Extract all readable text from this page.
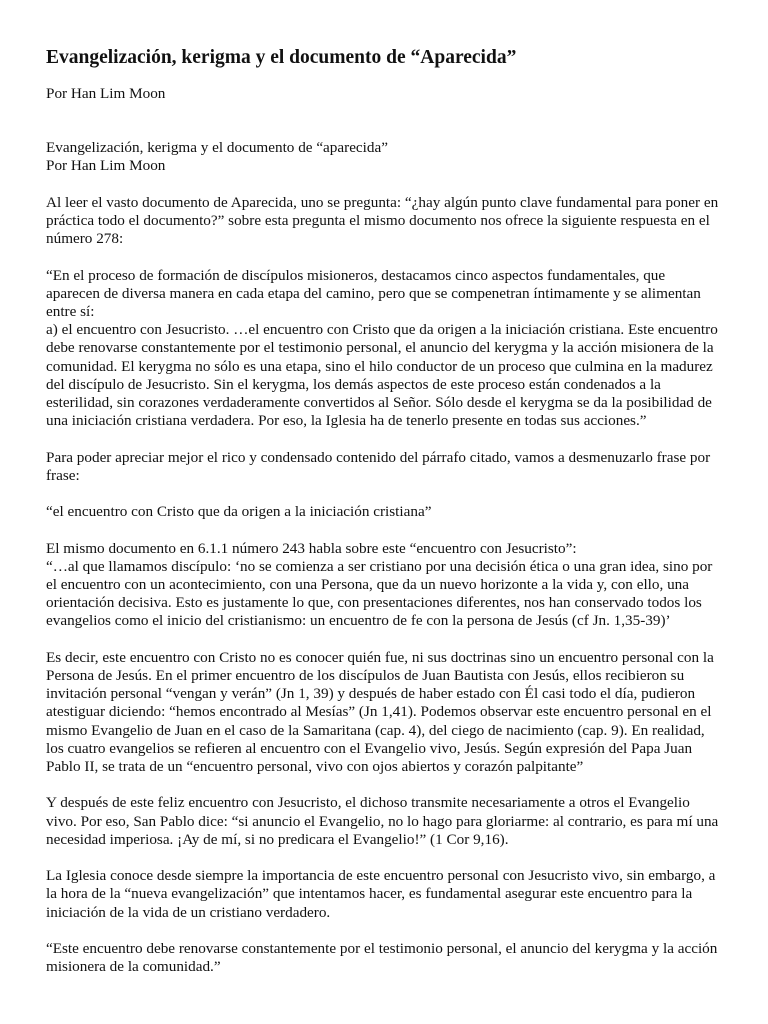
Evangelización, kerigma y el documento de “Aparecida”

Por Han Lim Moon

Evangelización, kerigma y el documento de “aparecida”
Por Han Lim Moon

Al leer el vasto documento de Aparecida, uno se pregunta: “¿hay algún punto clave fundamental para poner en práctica todo el documento?” sobre esta pregunta el mismo documento nos ofrece la siguiente respuesta en el número 278:

“En el proceso de formación de discípulos misioneros, destacamos cinco aspectos fundamentales, que aparecen de diversa manera en cada etapa del camino, pero que se compenetran íntimamente y se alimentan entre sí:
a) el encuentro con Jesucristo. …el encuentro con Cristo que da origen a la iniciación cristiana. Este encuentro debe renovarse constantemente por el testimonio personal, el anuncio del kerygma y la acción misionera de la comunidad. El kerygma no sólo es una etapa, sino el hilo conductor de un proceso que culmina en la madurez del discípulo de Jesucristo. Sin el kerygma, los demás aspectos de este proceso están condenados a la esterilidad, sin corazones verdaderamente convertidos al Señor. Sólo desde el kerygma se da la posibilidad de una iniciación cristiana verdadera. Por eso, la Iglesia ha de tenerlo presente en todas sus acciones.”

Para poder apreciar mejor el rico y condensado contenido del párrafo citado, vamos a desmenuzarlo frase por frase:

“el encuentro con Cristo que da origen a la iniciación cristiana”

El mismo documento en 6.1.1 número 243 habla sobre este “encuentro con Jesucristo”:
“…al que llamamos discípulo: ‘no se comienza a ser cristiano por una decisión ética o una gran idea, sino por el encuentro con un acontecimiento, con una Persona, que da un nuevo horizonte a la vida y, con ello, una orientación decisiva. Esto es justamente lo que, con presentaciones diferentes, nos han conservado todos los evangelios como el inicio del cristianismo: un encuentro de fe con la persona de Jesús (cf Jn. 1,35-39)’

Es decir, este encuentro con Cristo no es conocer quién fue, ni sus doctrinas sino un encuentro personal con la Persona de Jesús. En el primer encuentro de los discípulos de Juan Bautista con Jesús, ellos recibieron su invitación personal “vengan y verán” (Jn 1, 39) y después de haber estado con Él casi todo el día, pudieron atestiguar diciendo: “hemos encontrado al Mesías” (Jn 1,41). Podemos observar este encuentro personal en el mismo Evangelio de Juan en el caso de la Samaritana (cap. 4), del ciego de nacimiento (cap. 9). En realidad, los cuatro evangelios se refieren al encuentro con el Evangelio vivo, Jesús. Según expresión del Papa Juan Pablo II, se trata de un “encuentro personal, vivo con ojos abiertos y corazón palpitante”

Y después de este feliz encuentro con Jesucristo, el dichoso transmite necesariamente a otros el Evangelio vivo. Por eso, San Pablo dice: “si anuncio el Evangelio, no lo hago para gloriarme: al contrario, es para mí una necesidad imperiosa. ¡Ay de mí, si no predicara el Evangelio!” (1 Cor 9,16).

La Iglesia conoce desde siempre la importancia de este encuentro personal con Jesucristo vivo, sin embargo, a la hora de la “nueva evangelización” que intentamos hacer, es fundamental asegurar este encuentro para la iniciación de la vida de un cristiano verdadero.

“Este encuentro debe renovarse constantemente por el testimonio personal, el anuncio del kerygma y la acción misionera de la comunidad.”
